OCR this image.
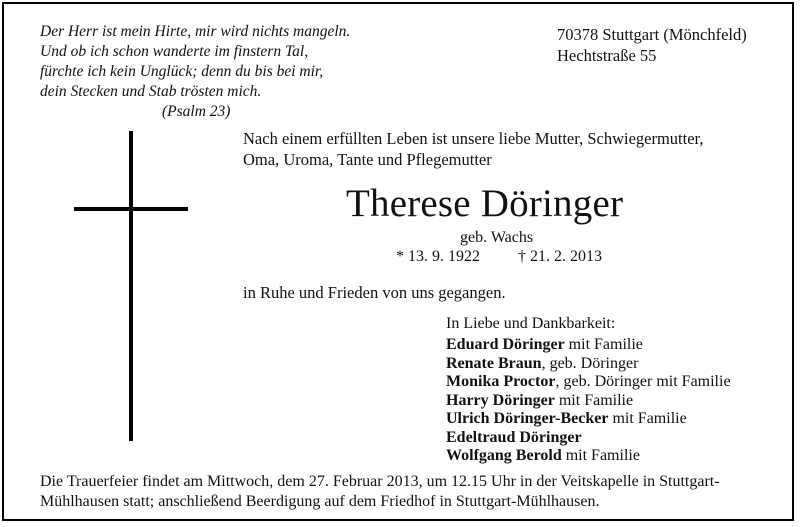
Der Herr ist mein Hirte, mir wird nichts mangeln.
Und ob ich schon wanderte im finstern Tal,
fürchte ich kein Unglück; denn du bis bei mir,
dein Stecken und Stab trösten mich.
(Psalm 23)
70378 Stuttgart (Mönchfeld)
Hechtstraße 55
Nach einem erfüllten Leben ist unsere liebe Mutter, Schwiegermutter,
Oma, Uroma, Tante und Pflegemutter
Therese Döringer
geb. Wachs
* 13. 9. 1922 † 21. 2. 2013
in Ruhe und Frieden von uns gegangen.
In Liebe und Dankbarkeit:
Eduard Döringer mit Familie
Renate Braun, geb. Döringer
Monika Proctor, geb. Döringer mit Familie
Harry Döringer mit Familie
Ulrich Döringer-Becker mit Familie
Edeltraud Döringer
Wolfgang Berold mit Familie
Die Trauerfeier findet am Mittwoch, dem 27. Februar 2013, um 12.15 Uhr in der Veitskapelle in Stuttgart-
Mühlhausen statt; anschließend Beerdigung auf dem Friedhof in Stuttgart-Mühlhausen.
